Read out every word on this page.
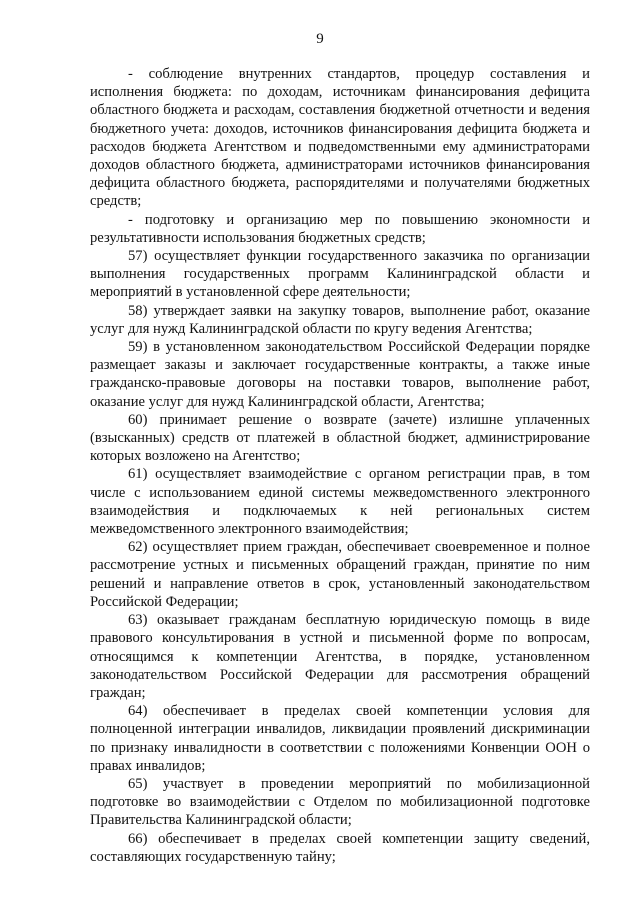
9

- соблюдение внутренних стандартов, процедур составления и исполнения бюджета: по доходам, источникам финансирования дефицита областного бюджета и расходам, составления бюджетной отчетности и ведения бюджетного учета: доходов, источников финансирования дефицита бюджета и расходов бюджета Агентством и подведомственными ему администраторами доходов областного бюджета, администраторами источников финансирования дефицита областного бюджета, распорядителями и получателями бюджетных средств;

- подготовку и организацию мер по повышению экономности и результативности использования бюджетных средств;

57) осуществляет функции государственного заказчика по организации выполнения государственных программ Калининградской области и мероприятий в установленной сфере деятельности;

58) утверждает заявки на закупку товаров, выполнение работ, оказание услуг для нужд Калининградской области по кругу ведения Агентства;

59) в установленном законодательством Российской Федерации порядке размещает заказы и заключает государственные контракты, а также иные гражданско-правовые договоры на поставки товаров, выполнение работ, оказание услуг для нужд Калининградской области, Агентства;

60) принимает решение о возврате (зачете) излишне уплаченных (взысканных) средств от платежей в областной бюджет, администрирование которых возложено на Агентство;

61) осуществляет взаимодействие с органом регистрации прав, в том числе с использованием единой системы межведомственного электронного взаимодействия и подключаемых к ней региональных систем межведомственного электронного взаимодействия;

62) осуществляет прием граждан, обеспечивает своевременное и полное рассмотрение устных и письменных обращений граждан, принятие по ним решений и направление ответов в срок, установленный законодательством Российской Федерации;

63) оказывает гражданам бесплатную юридическую помощь в виде правового консультирования в устной и письменной форме по вопросам, относящимся к компетенции Агентства, в порядке, установленном законодательством Российской Федерации для рассмотрения обращений граждан;

64) обеспечивает в пределах своей компетенции условия для полноценной интеграции инвалидов, ликвидации проявлений дискриминации по признаку инвалидности в соответствии с положениями Конвенции ООН о правах инвалидов;

65) участвует в проведении мероприятий по мобилизационной подготовке во взаимодействии с Отделом по мобилизационной подготовке Правительства Калининградской области;

66) обеспечивает в пределах своей компетенции защиту сведений, составляющих государственную тайну;
